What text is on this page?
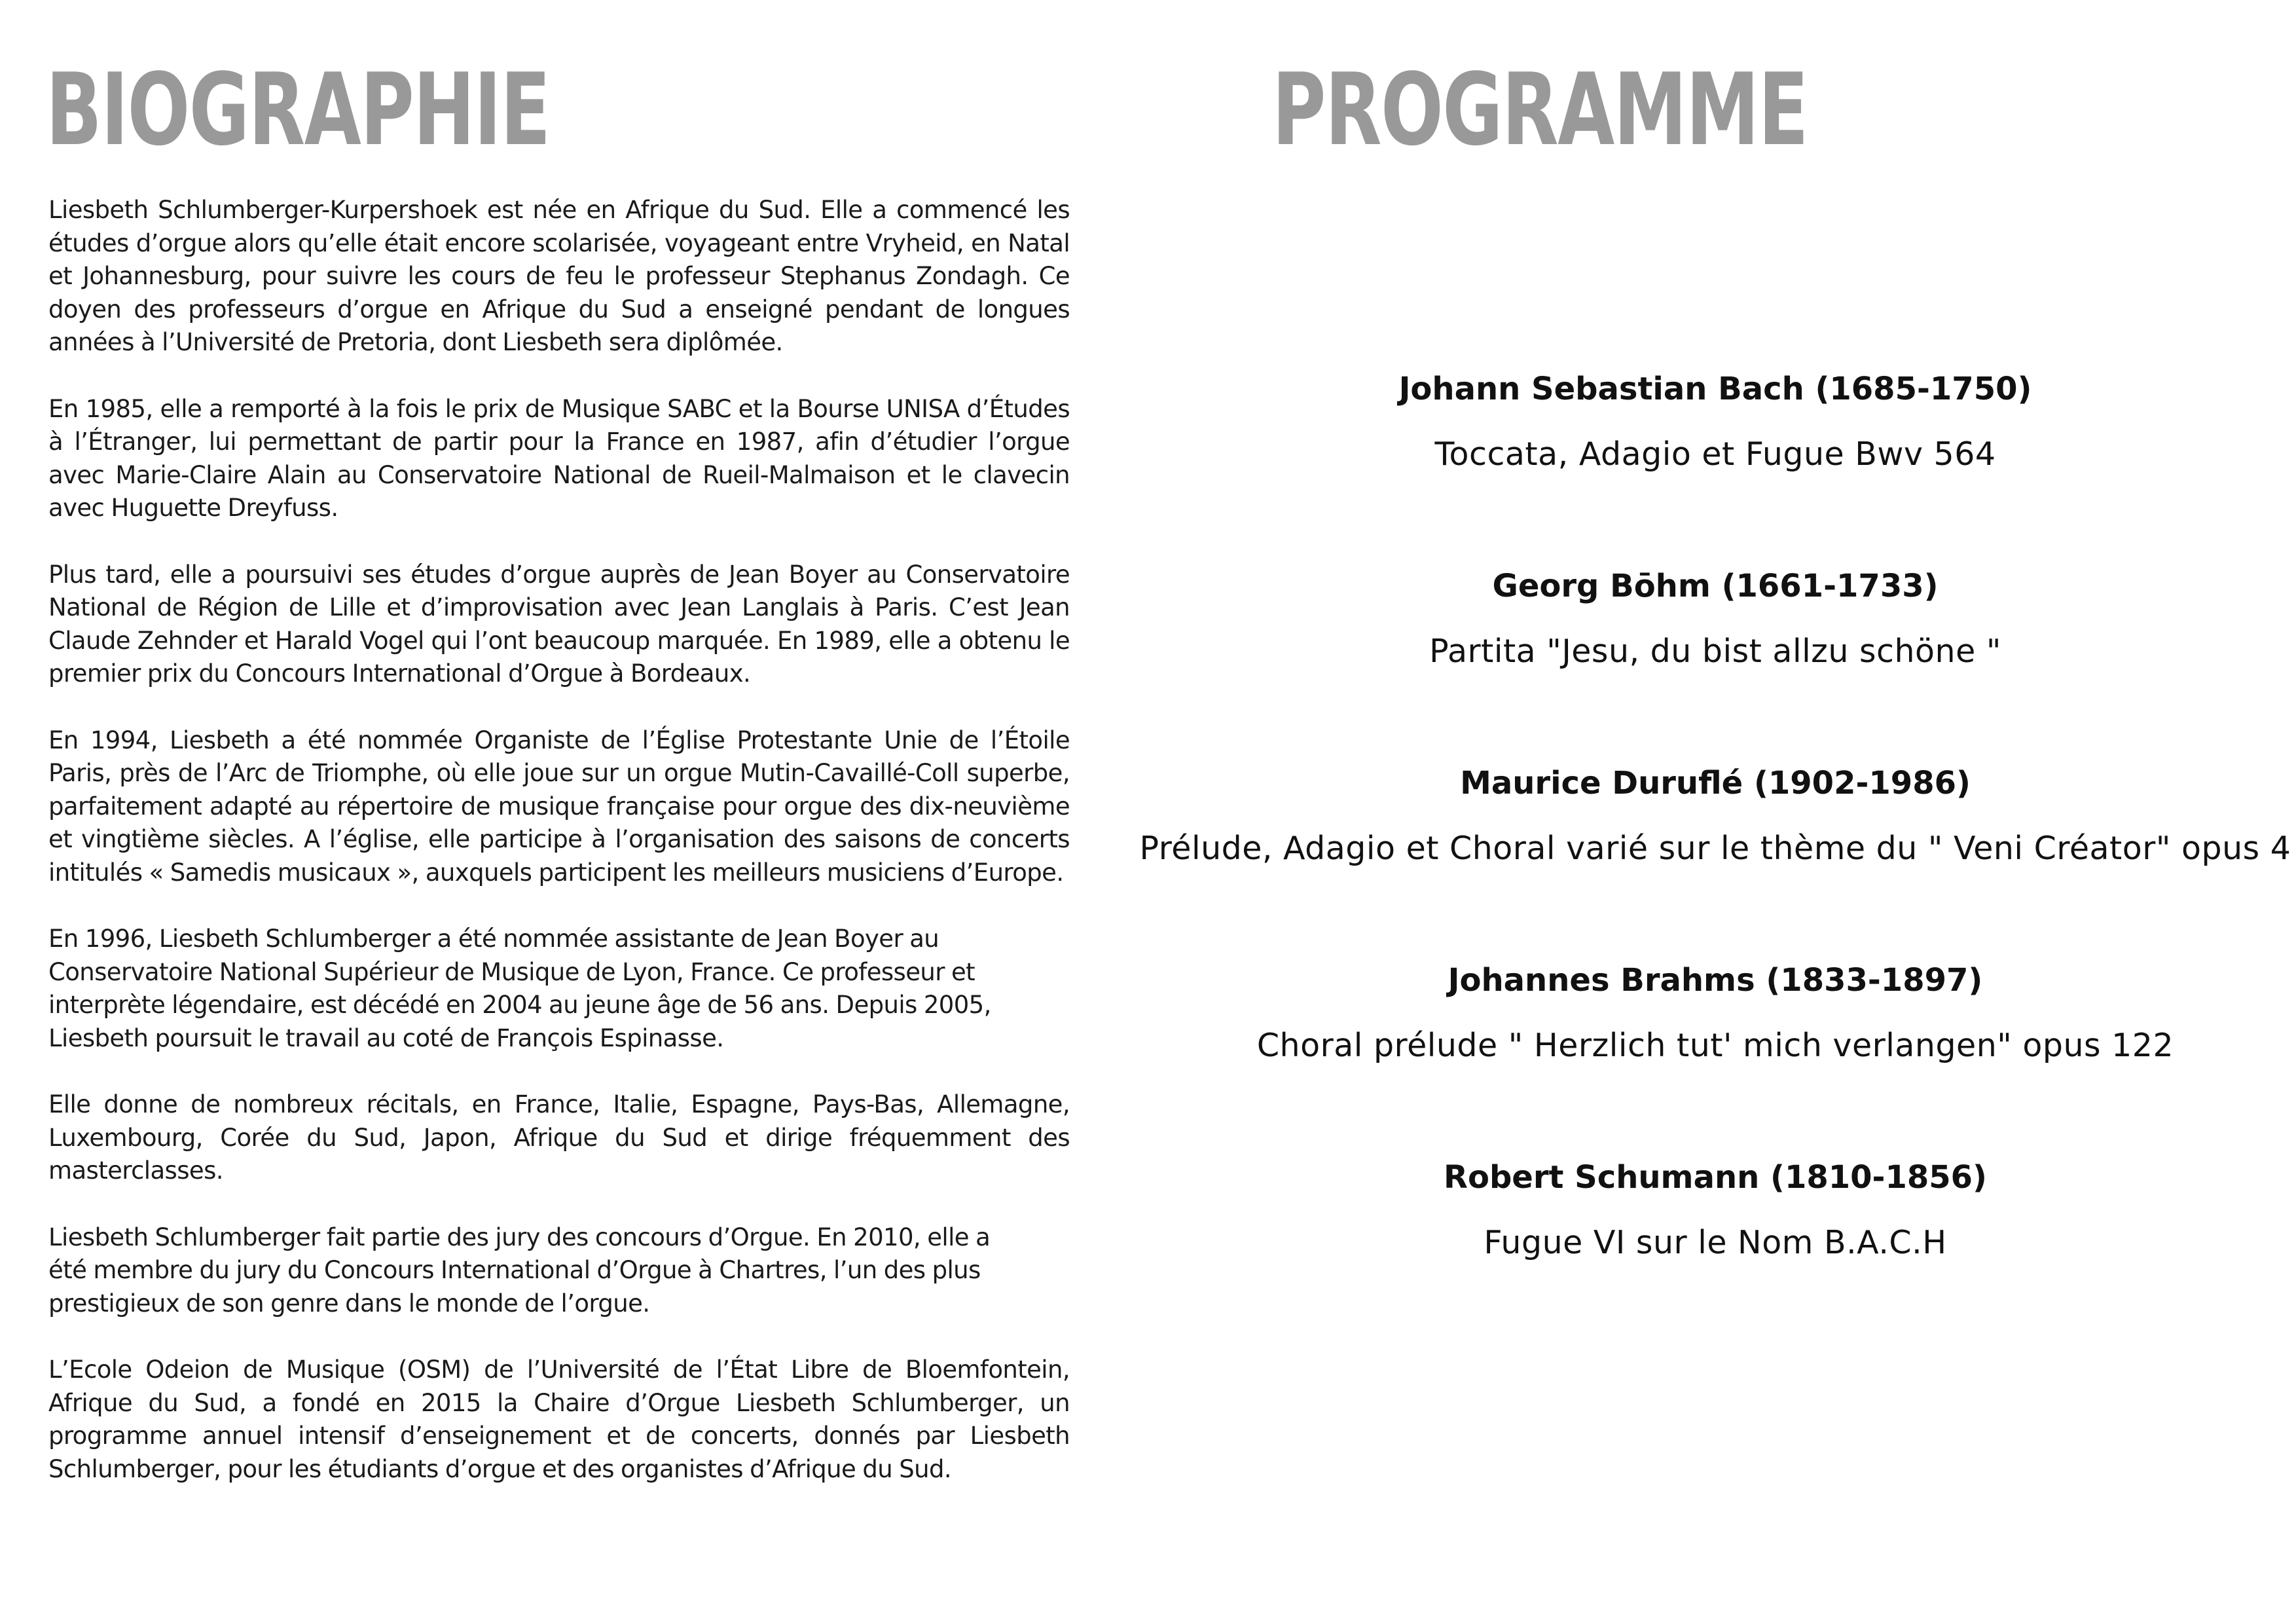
BIOGRAPHIE	PROGRAMME

Liesbeth Schlumberger-Kurpershoek est née en Afrique du Sud. Elle a commencé les études d’orgue alors qu’elle était encore scolarisée, voyageant entre Vryheid, en Natal et Johannesburg, pour suivre les cours de feu le professeur Stephanus Zondagh. Ce doyen des professeurs d’orgue en Afrique du Sud a enseigné pendant de longues années à l’Université de Pretoria, dont Liesbeth sera diplômée.

En 1985, elle a remporté à la fois le prix de Musique SABC et la Bourse UNISA d’Études à l’Étranger, lui permettant de partir pour la France en 1987, afin d’étudier l’orgue avec Marie-Claire Alain au Conservatoire National de Rueil-Malmaison et le clavecin avec Huguette Dreyfuss.

Plus tard, elle a poursuivi ses études d’orgue auprès de Jean Boyer au Conservatoire National de Région de Lille et d’improvisation avec Jean Langlais à Paris. C’est Jean Claude Zehnder et Harald Vogel qui l’ont beaucoup marquée. En 1989, elle a obtenu le premier prix du Concours International d’Orgue à Bordeaux.

En 1994, Liesbeth a été nommée Organiste de l’Église Protestante Unie de l’Étoile Paris, près de l’Arc de Triomphe, où elle joue sur un orgue Mutin-Cavaillé-Coll superbe, parfaitement adapté au répertoire de musique française pour orgue des dix-neuvième et vingtième siècles. A l’église, elle participe à l’organisation des saisons de concerts intitulés « Samedis musicaux », auxquels participent les meilleurs musiciens d’Europe.

En 1996, Liesbeth Schlumberger a été nommée assistante de Jean Boyer au Conservatoire National Supérieur de Musique de Lyon, France. Ce professeur et interprète légendaire, est décédé en 2004 au jeune âge de 56 ans. Depuis 2005, Liesbeth poursuit le travail au coté de François Espinasse.

Elle donne de nombreux récitals, en France, Italie, Espagne, Pays-Bas, Allemagne, Luxembourg, Corée du Sud, Japon, Afrique du Sud et dirige fréquemment des masterclasses.

Liesbeth Schlumberger fait partie des jury des concours d’Orgue. En 2010, elle a été membre du jury du Concours International d’Orgue à Chartres, l’un des plus prestigieux de son genre dans le monde de l’orgue.

L’Ecole Odeion de Musique (OSM) de l’Université de l’État Libre de Bloemfontein, Afrique du Sud, a fondé en 2015 la Chaire d’Orgue Liesbeth Schlumberger, un programme annuel intensif d’enseignement et de concerts, donnés par Liesbeth Schlumberger, pour les étudiants d’orgue et des organistes d’Afrique du Sud.

Johann Sebastian Bach (1685-1750)
Toccata, Adagio et Fugue Bwv 564
Georg Bōhm (1661-1733)
Partita "Jesu, du bist allzu schöne "
Maurice Duruflé (1902-1986)
Prélude, Adagio et Choral varié sur le thème du " Veni Créator" opus 4
Johannes Brahms (1833-1897)
Choral prélude " Herzlich tut' mich verlangen" opus 122
Robert Schumann (1810-1856)
Fugue VI sur le Nom B.A.C.H
